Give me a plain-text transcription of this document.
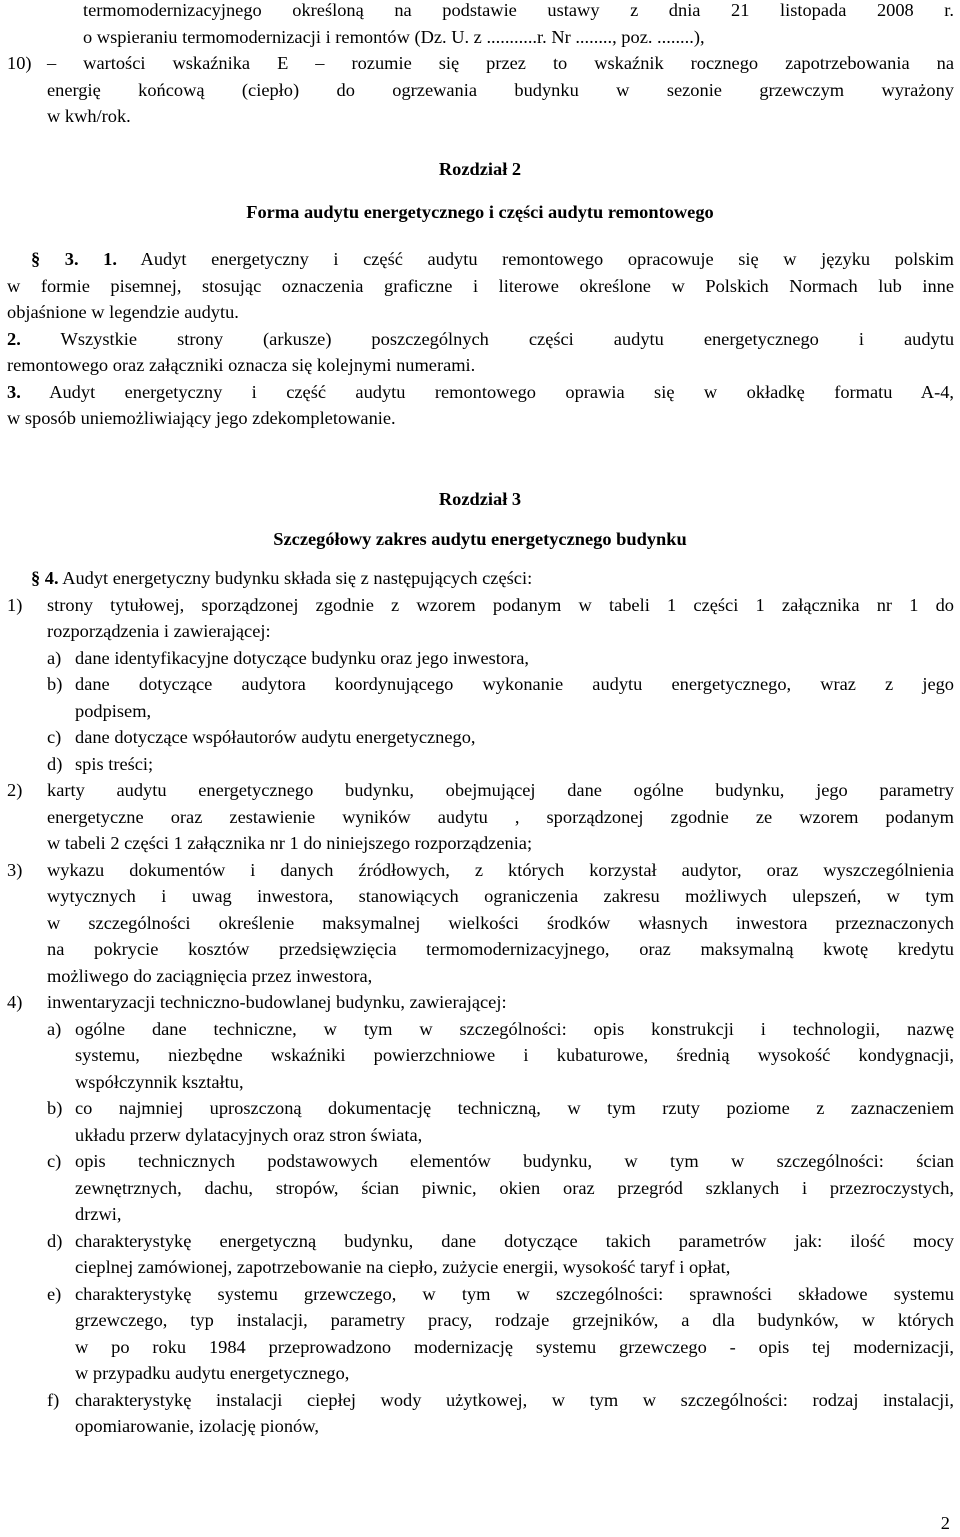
termomodernizacyjnego określoną na podstawie ustawy z dnia 21 listopada 2008 r.
o wspieraniu termomodernizacji i remontów (Dz. U. z ...........r. Nr ........, poz. ........),
10) – wartości wskaźnika E – rozumie się przez to wskaźnik rocznego zapotrzebowania na
energię końcową (ciepło) do ogrzewania budynku w sezonie grzewczym wyrażony
w kwh/rok.
Rozdział 2
Forma audytu energetycznego i części audytu remontowego
§ 3. 1. Audyt energetyczny i część audytu remontowego opracowuje się w języku polskim
w formie pisemnej, stosując oznaczenia graficzne i literowe określone w Polskich Normach lub inne
objaśnione w legendzie audytu.
2. Wszystkie strony (arkusze) poszczególnych części audytu energetycznego i audytu
remontowego oraz załączniki oznacza się kolejnymi numerami.
3. Audyt energetyczny i część audytu remontowego oprawia się w okładkę formatu A-4,
w sposób uniemożliwiający jego zdekompletowanie.
Rozdział 3
Szczegółowy zakres audytu energetycznego budynku
§ 4. Audyt energetyczny budynku składa się z następujących części:
1)	strony tytułowej, sporządzonej zgodnie z wzorem podanym w tabeli 1 części 1 załącznika nr 1 do
rozporządzenia i zawierającej:
a) dane identyfikacyjne dotyczące budynku oraz jego inwestora,
b) dane dotyczące audytora koordynującego wykonanie audytu energetycznego, wraz z jego
podpisem,
c) dane dotyczące współautorów audytu energetycznego,
d) spis treści;
2)	karty audytu energetycznego budynku, obejmującej dane ogólne budynku, jego parametry
energetyczne oraz zestawienie wyników audytu , sporządzonej zgodnie ze wzorem podanym
w tabeli 2 części 1 załącznika nr 1 do niniejszego rozporządzenia;
3)	wykazu dokumentów i danych źródłowych, z których korzystał audytor, oraz wyszczególnienia
wytycznych i uwag inwestora, stanowiących ograniczenia zakresu możliwych ulepszeń, w tym
w szczególności określenie maksymalnej wielkości środków własnych inwestora przeznaczonych
na pokrycie kosztów przedsięwzięcia termomodernizacyjnego, oraz maksymalną kwotę kredytu
możliwego do zaciągnięcia przez inwestora,
4)	inwentaryzacji techniczno-budowlanej budynku, zawierającej:
a) ogólne dane techniczne, w tym w szczególności: opis konstrukcji i technologii, nazwę
systemu, niezbędne wskaźniki powierzchniowe i kubaturowe, średnią wysokość kondygnacji,
współczynnik kształtu,
b) co najmniej uproszczoną dokumentację techniczną, w tym rzuty poziome z zaznaczeniem
układu przerw dylatacyjnych oraz stron świata,
c) opis technicznych podstawowych elementów budynku, w tym w szczególności: ścian
zewnętrznych, dachu, stropów, ścian piwnic, okien oraz przegród szklanych i przezroczystych,
drzwi,
d) charakterystykę energetyczną budynku, dane dotyczące takich parametrów jak: ilość mocy
cieplnej zamówionej, zapotrzebowanie na ciepło, zużycie energii, wysokość taryf i opłat,
e) charakterystykę systemu grzewczego, w tym w szczególności: sprawności składowe systemu
grzewczego, typ instalacji, parametry pracy, rodzaje grzejników, a dla budynków, w których
w po roku 1984 przeprowadzono modernizację systemu grzewczego - opis tej modernizacji,
w przypadku audytu energetycznego,
f) charakterystykę instalacji ciepłej wody użytkowej, w tym w szczególności: rodzaj instalacji,
opomiarowanie, izolację pionów,
2
